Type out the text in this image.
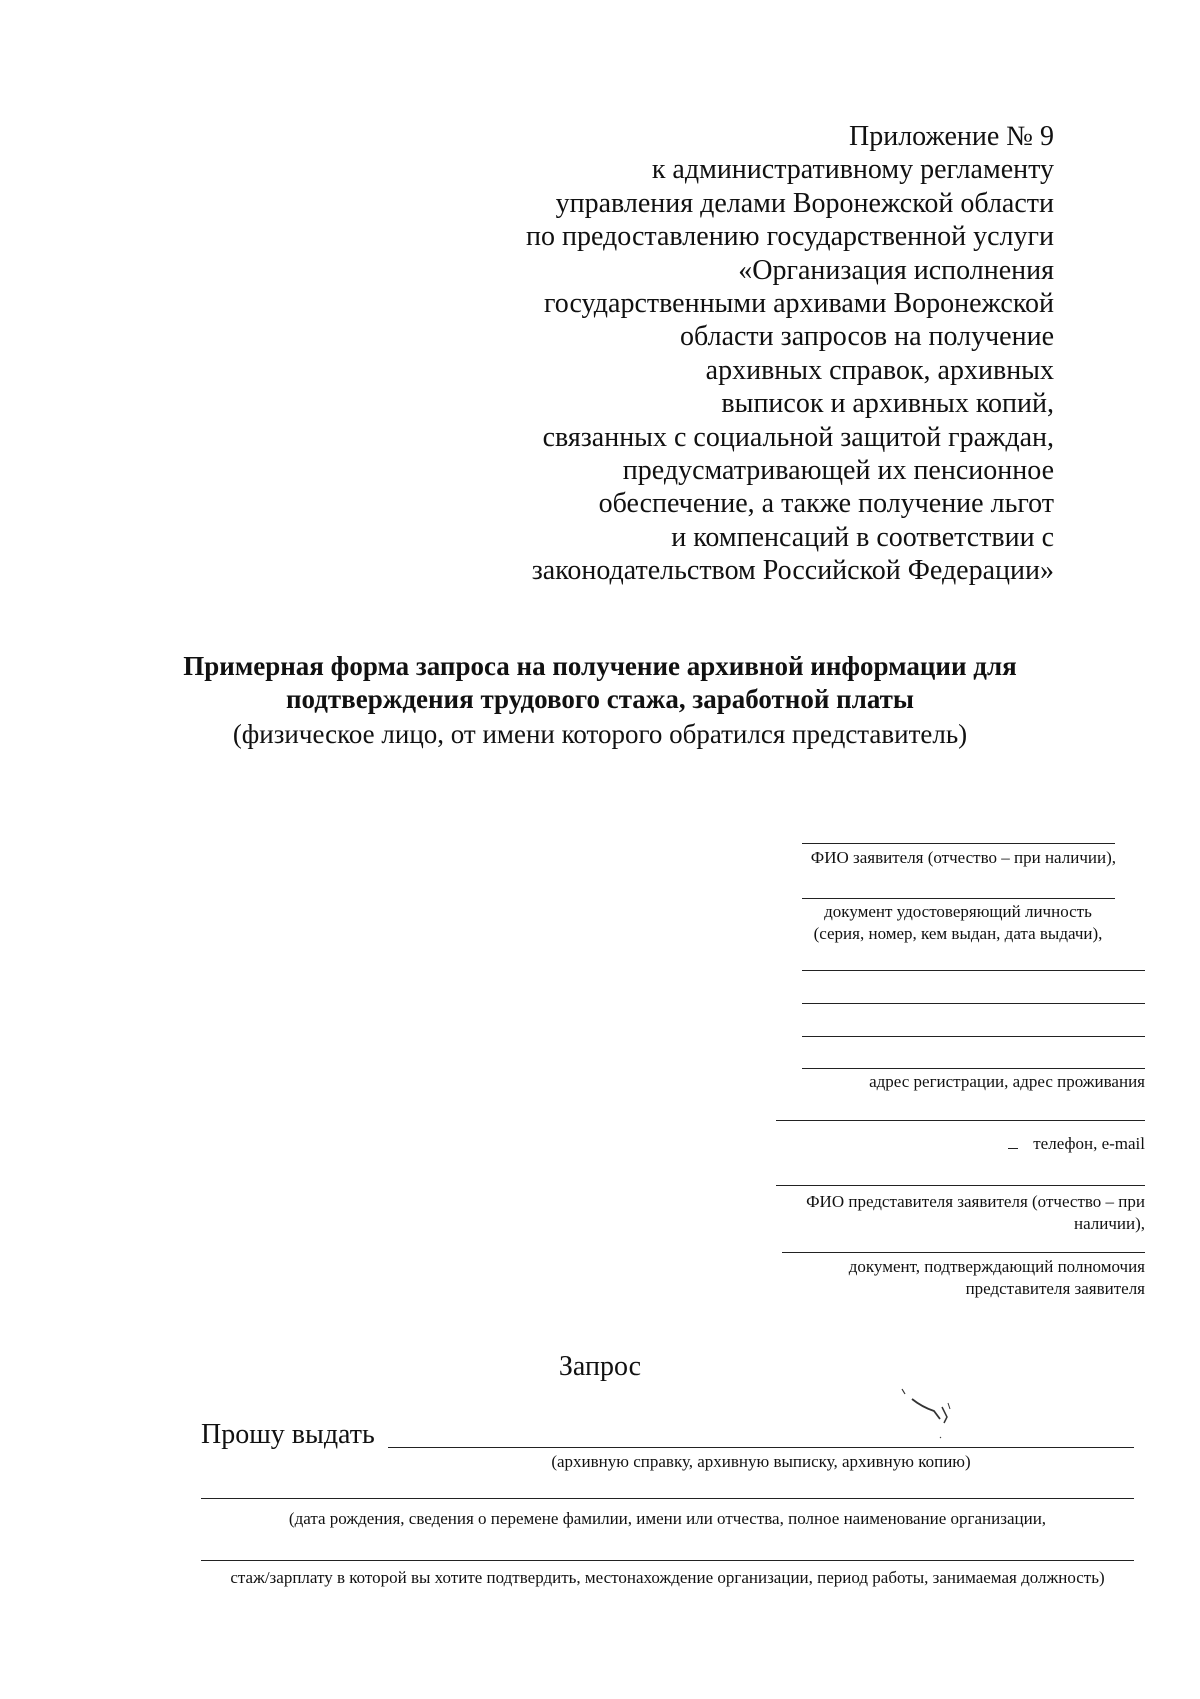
Приложение № 9
к административному регламенту
управления делами Воронежской области
по предоставлению государственной услуги
«Организация исполнения
государственными архивами Воронежской
области запросов на получение
архивных справок, архивных
выписок и архивных копий,
связанных с социальной защитой граждан,
предусматривающей их пенсионное
обеспечение, а также получение льгот
и компенсаций в соответствии с
законодательством Российской Федерации»
Примерная форма запроса на получение архивной информации для
подтверждения трудового стажа, заработной платы
(физическое лицо, от имени которого обратился представитель)
ФИО заявителя (отчество – при наличии),
документ удостоверяющий личность
(серия, номер, кем выдан, дата выдачи),
адрес регистрации, адрес проживания
телефон, e-mail
ФИО представителя заявителя (отчество – при
наличии),
документ, подтверждающий полномочия
представителя заявителя
Запрос
Прошу выдать
(архивную справку, архивную выписку, архивную копию)
(дата рождения, сведения о перемене фамилии, имени или отчества, полное наименование организации,
стаж/зарплату в которой вы хотите подтвердить, местонахождение организации, период работы, занимаемая должность)
